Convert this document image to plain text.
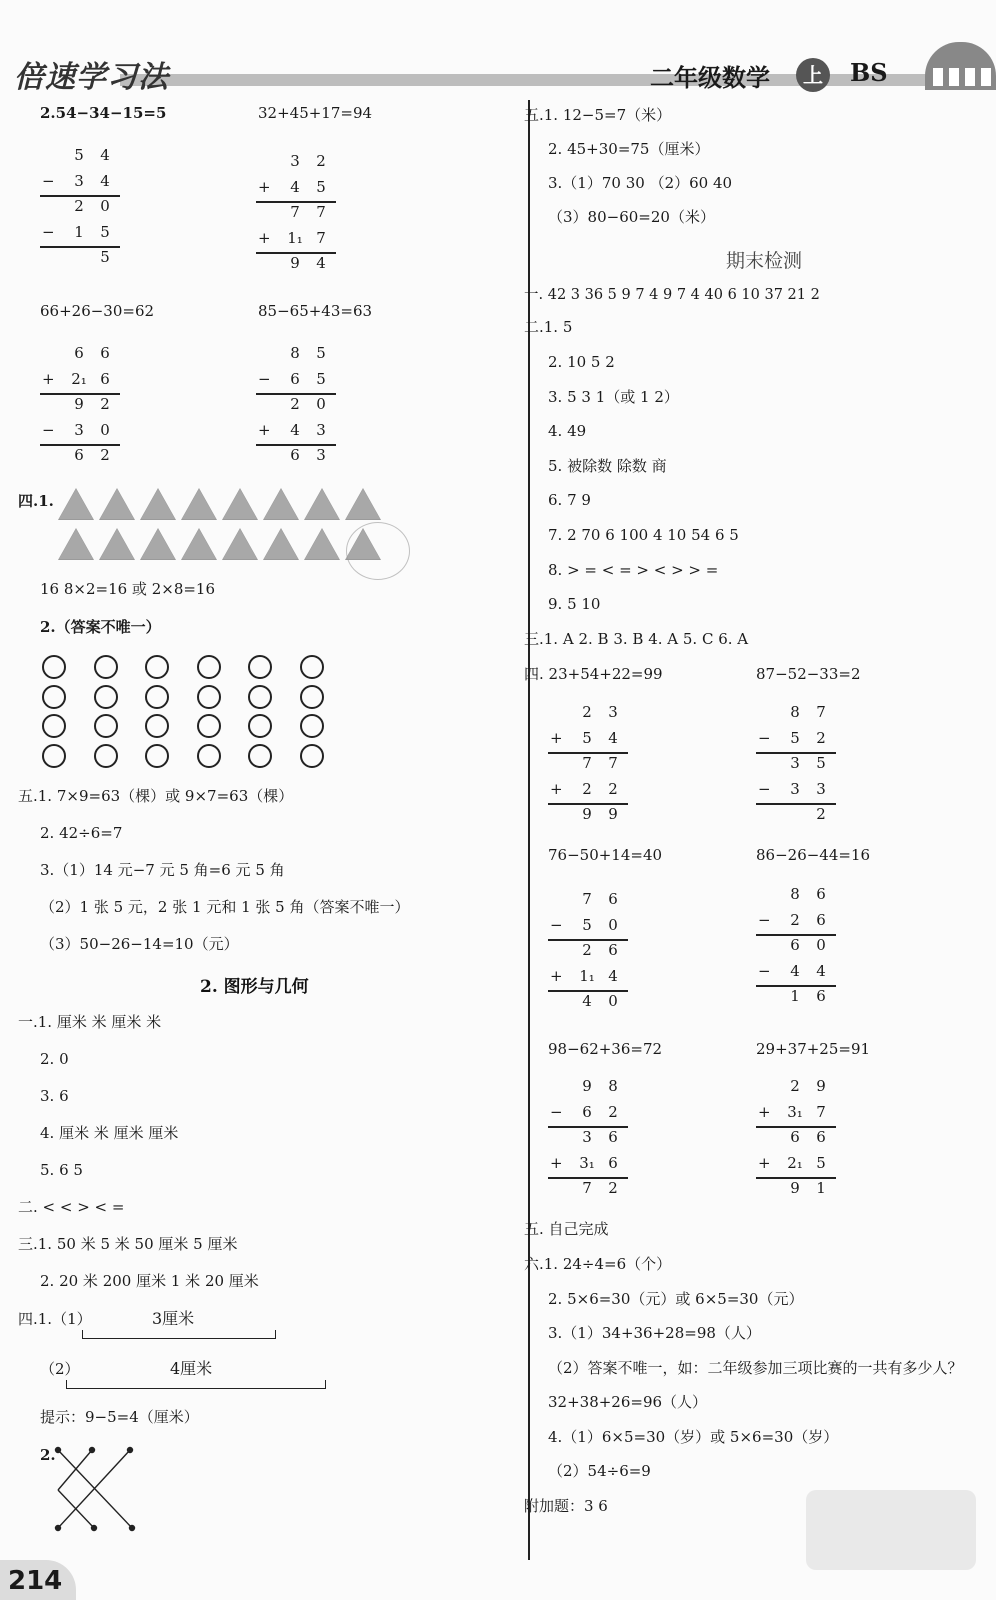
倍速学习法	二年级数学	上 BS
2.54−34−15=5	32+45+17=94
5 4
− 3 4
2 0
− 1 5
5
3 2
+ 4 5
7 7
+ 1₁ 7
9 4
66+26−30=62	85−65+43=63
6 6
+ 2₁ 6
9 2
− 3 0
6 2
8 5
− 6 5
2 0
+ 4 3
6 3
四.1.
16 8×2=16 或 2×8=16
2.（答案不唯一）
五.1. 7×9=63（棵）或 9×7=63（棵）
2. 42÷6=7
3.（1）14 元−7 元 5 角=6 元 5 角
（2）1 张 5 元，2 张 1 元和 1 张 5 角（答案不唯一）
（3）50−26−14=10（元）
2. 图形与几何
一.1. 厘米 米 厘米 米
2. 0
3. 6
4. 厘米 米 厘米 厘米
5. 6 5
二. < < > < =
三.1. 50 米 5 米 50 厘米 5 厘米
2. 20 米 200 厘米 1 米 20 厘米
四.1.（1）	3厘米
（2）	4厘米
提示：9−5=4（厘米）
2.
214
五.1. 12−5=7（米）
2. 45+30=75（厘米）
3.（1）70 30 （2）60 40
（3）80−60=20（米）
期末检测
一. 42 3 36 5 9 7 4 9 7 4 40 6 10 37 21 2
二.1. 5
2. 10 5 2
3. 5 3 1（或 1 2）
4. 49
5. 被除数 除数 商
6. 7 9
7. 2 70 6 100 4 10 54 6 5
8. > = < = > < > > =
9. 5 10
三.1. A 2. B 3. B 4. A 5. C 6. A
四. 23+54+22=99	87−52−33=2
2 3
+ 5 4
7 7
+ 2 2
9 9
8 7
− 5 2
3 5
− 3 3
2
76−50+14=40	86−26−44=16
7 6
− 5 0
2 6
+ 1₁ 4
4 0
8 6
− 2 6
6 0
− 4 4
1 6
98−62+36=72	29+37+25=91
9 8
− 6 2
3 6
+ 3₁ 6
7 2
2 9
+ 3₁ 7
6 6
+ 2₁ 5
9 1
五. 自己完成
六.1. 24÷4=6（个）
2. 5×6=30（元）或 6×5=30（元）
3.（1）34+36+28=98（人）
（2）答案不唯一，如：二年级参加三项比赛的一共有多少人？
32+38+26=96（人）
4.（1）6×5=30（岁）或 5×6=30（岁）
（2）54÷6=9
附加题：3 6
